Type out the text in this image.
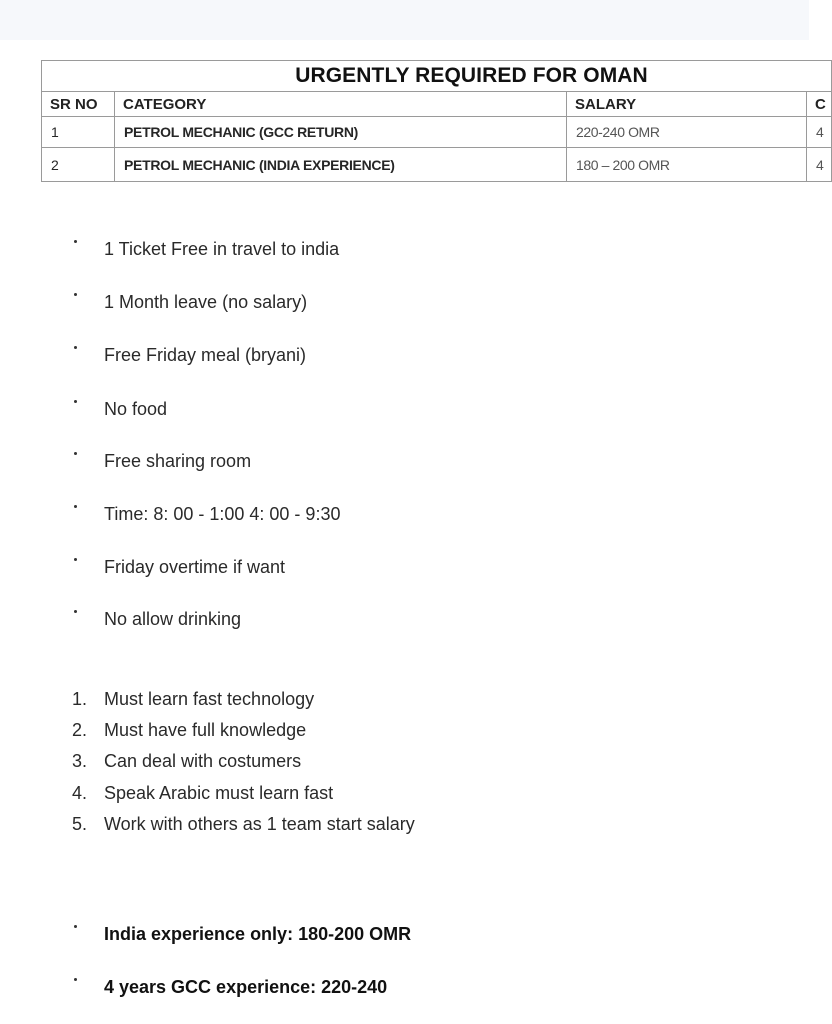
URGENTLY REQUIRED FOR OMAN			
SR NO	CATEGORY	SALARY	C
1	PETROL MECHANIC (GCC RETURN)	220-240 OMR	4
2	PETROL MECHANIC (INDIA EXPERIENCE)	180 – 200 OMR	4
1 Ticket Free in travel to india
1 Month leave (no salary)
Free Friday meal (bryani)
No food
Free sharing room
Time: 8: 00 - 1:00 4: 00 - 9:30
Friday overtime if want
No allow drinking
1. Must learn fast technology
2. Must have full knowledge
3. Can deal with costumers
4. Speak Arabic must learn fast
5. Work with others as 1 team start salary
India experience only: 180-200 OMR
4 years GCC experience: 220-240
